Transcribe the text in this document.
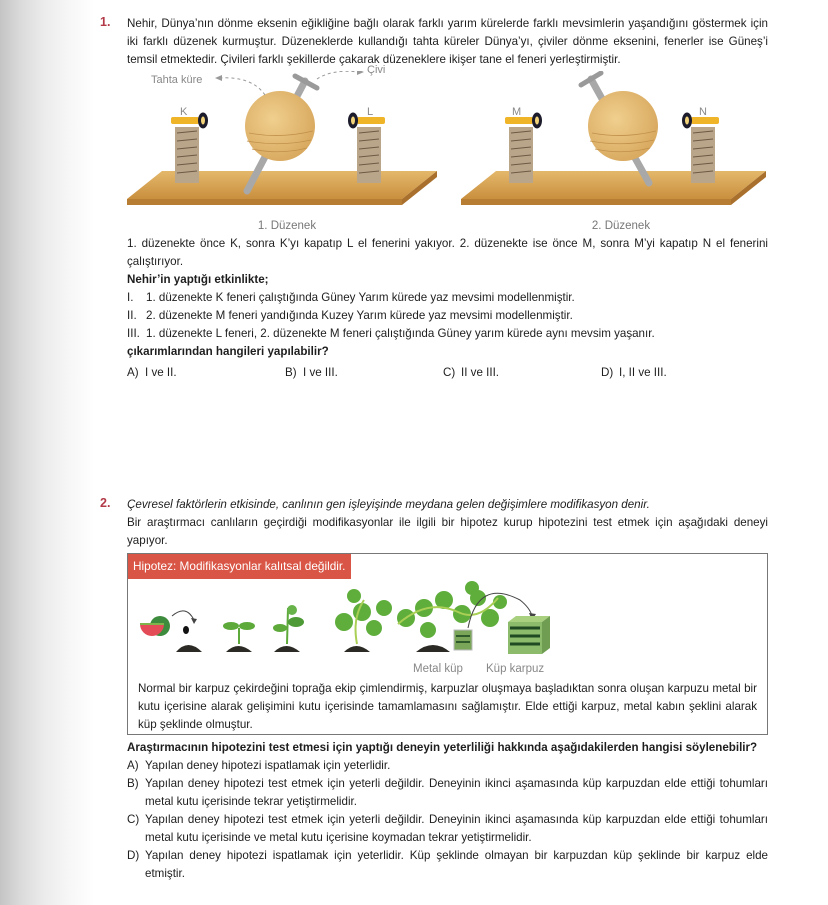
1. Nehir, Dünya’nın dönme eksenin eğikliğine bağlı olarak farklı yarım kürelerde farklı mevsimlerin yaşandığını göstermek için iki farklı düzenek kurmuştur. Düzeneklerde kullandığı tahta küreler Dünya’yı, çiviler dönme eksenini, fenerler ise Güneş’i temsil etmektedir. Çivileri farklı şekillerde çakarak düzeneklere ikişer tane el feneri yerleştirmiştir.

Tahta küre
Çivi
K	L
1. Düzenek
M	N
2. Düzenek

1. düzenekte önce K, sonra K’yı kapatıp L el fenerini yakıyor. 2. düzenekte ise önce M, sonra M’yi kapatıp N el fenerini çalıştırıyor.

Nehir’in yaptığı etkinlikte;

I.	1. düzenekte K feneri çalıştığında Güney Yarım kürede yaz mevsimi modellenmiştir.
II. 2. düzenekte M feneri yandığında Kuzey Yarım kürede yaz mevsimi modellenmiştir.
III. 1. düzenekte L feneri, 2. düzenekte M feneri çalıştığında Güney yarım kürede aynı mevsim yaşanır.

çıkarımlarından hangileri yapılabilir?

A) I ve II.	B) I ve III.	C) II ve III.	D) I, II ve III.
2. Çevresel faktörlerin etkisinde, canlının gen işleyişinde meydana gelen değişimlere modifikasyon denir.

Bir araştırmacı canlıların geçirdiği modifikasyonlar ile ilgili bir hipotez kurup hipotezini test etmek için aşağıdaki deneyi yapıyor.

Hipotez: Modifikasyonlar kalıtsal değildir.
Metal küp Küp karpuz

Normal bir karpuz çekirdeğini toprağa ekip çimlendirmiş, karpuzlar oluşmaya başladıktan sonra oluşan karpuzu metal bir kutu içerisine alarak gelişimini kutu içerisinde tamamlamasını sağlamıştır. Elde ettiği karpuz, metal kabın şeklini alarak küp şeklinde olmuştur.

Araştırmacının hipotezini test etmesi için yaptığı deneyin yeterliliği hakkında aşağıdakilerden hangisi söylenebilir?

A) Yapılan deney hipotezi ispatlamak için yeterlidir.
B) Yapılan deney hipotezi test etmek için yeterli değildir. Deneyinin ikinci aşamasında küp karpuzdan elde ettiği tohumları metal kutu içerisinde tekrar yetiştirmelidir.
C) Yapılan deney hipotezi test etmek için yeterli değildir. Deneyinin ikinci aşamasında küp karpuzdan elde ettiği tohumları metal kutu içerisinde ve metal kutu içerisine koymadan tekrar yetiştirmelidir.
D) Yapılan deney hipotezi ispatlamak için yeterlidir. Küp şeklinde olmayan bir karpuzdan küp şeklinde bir karpuz elde etmiştir.
